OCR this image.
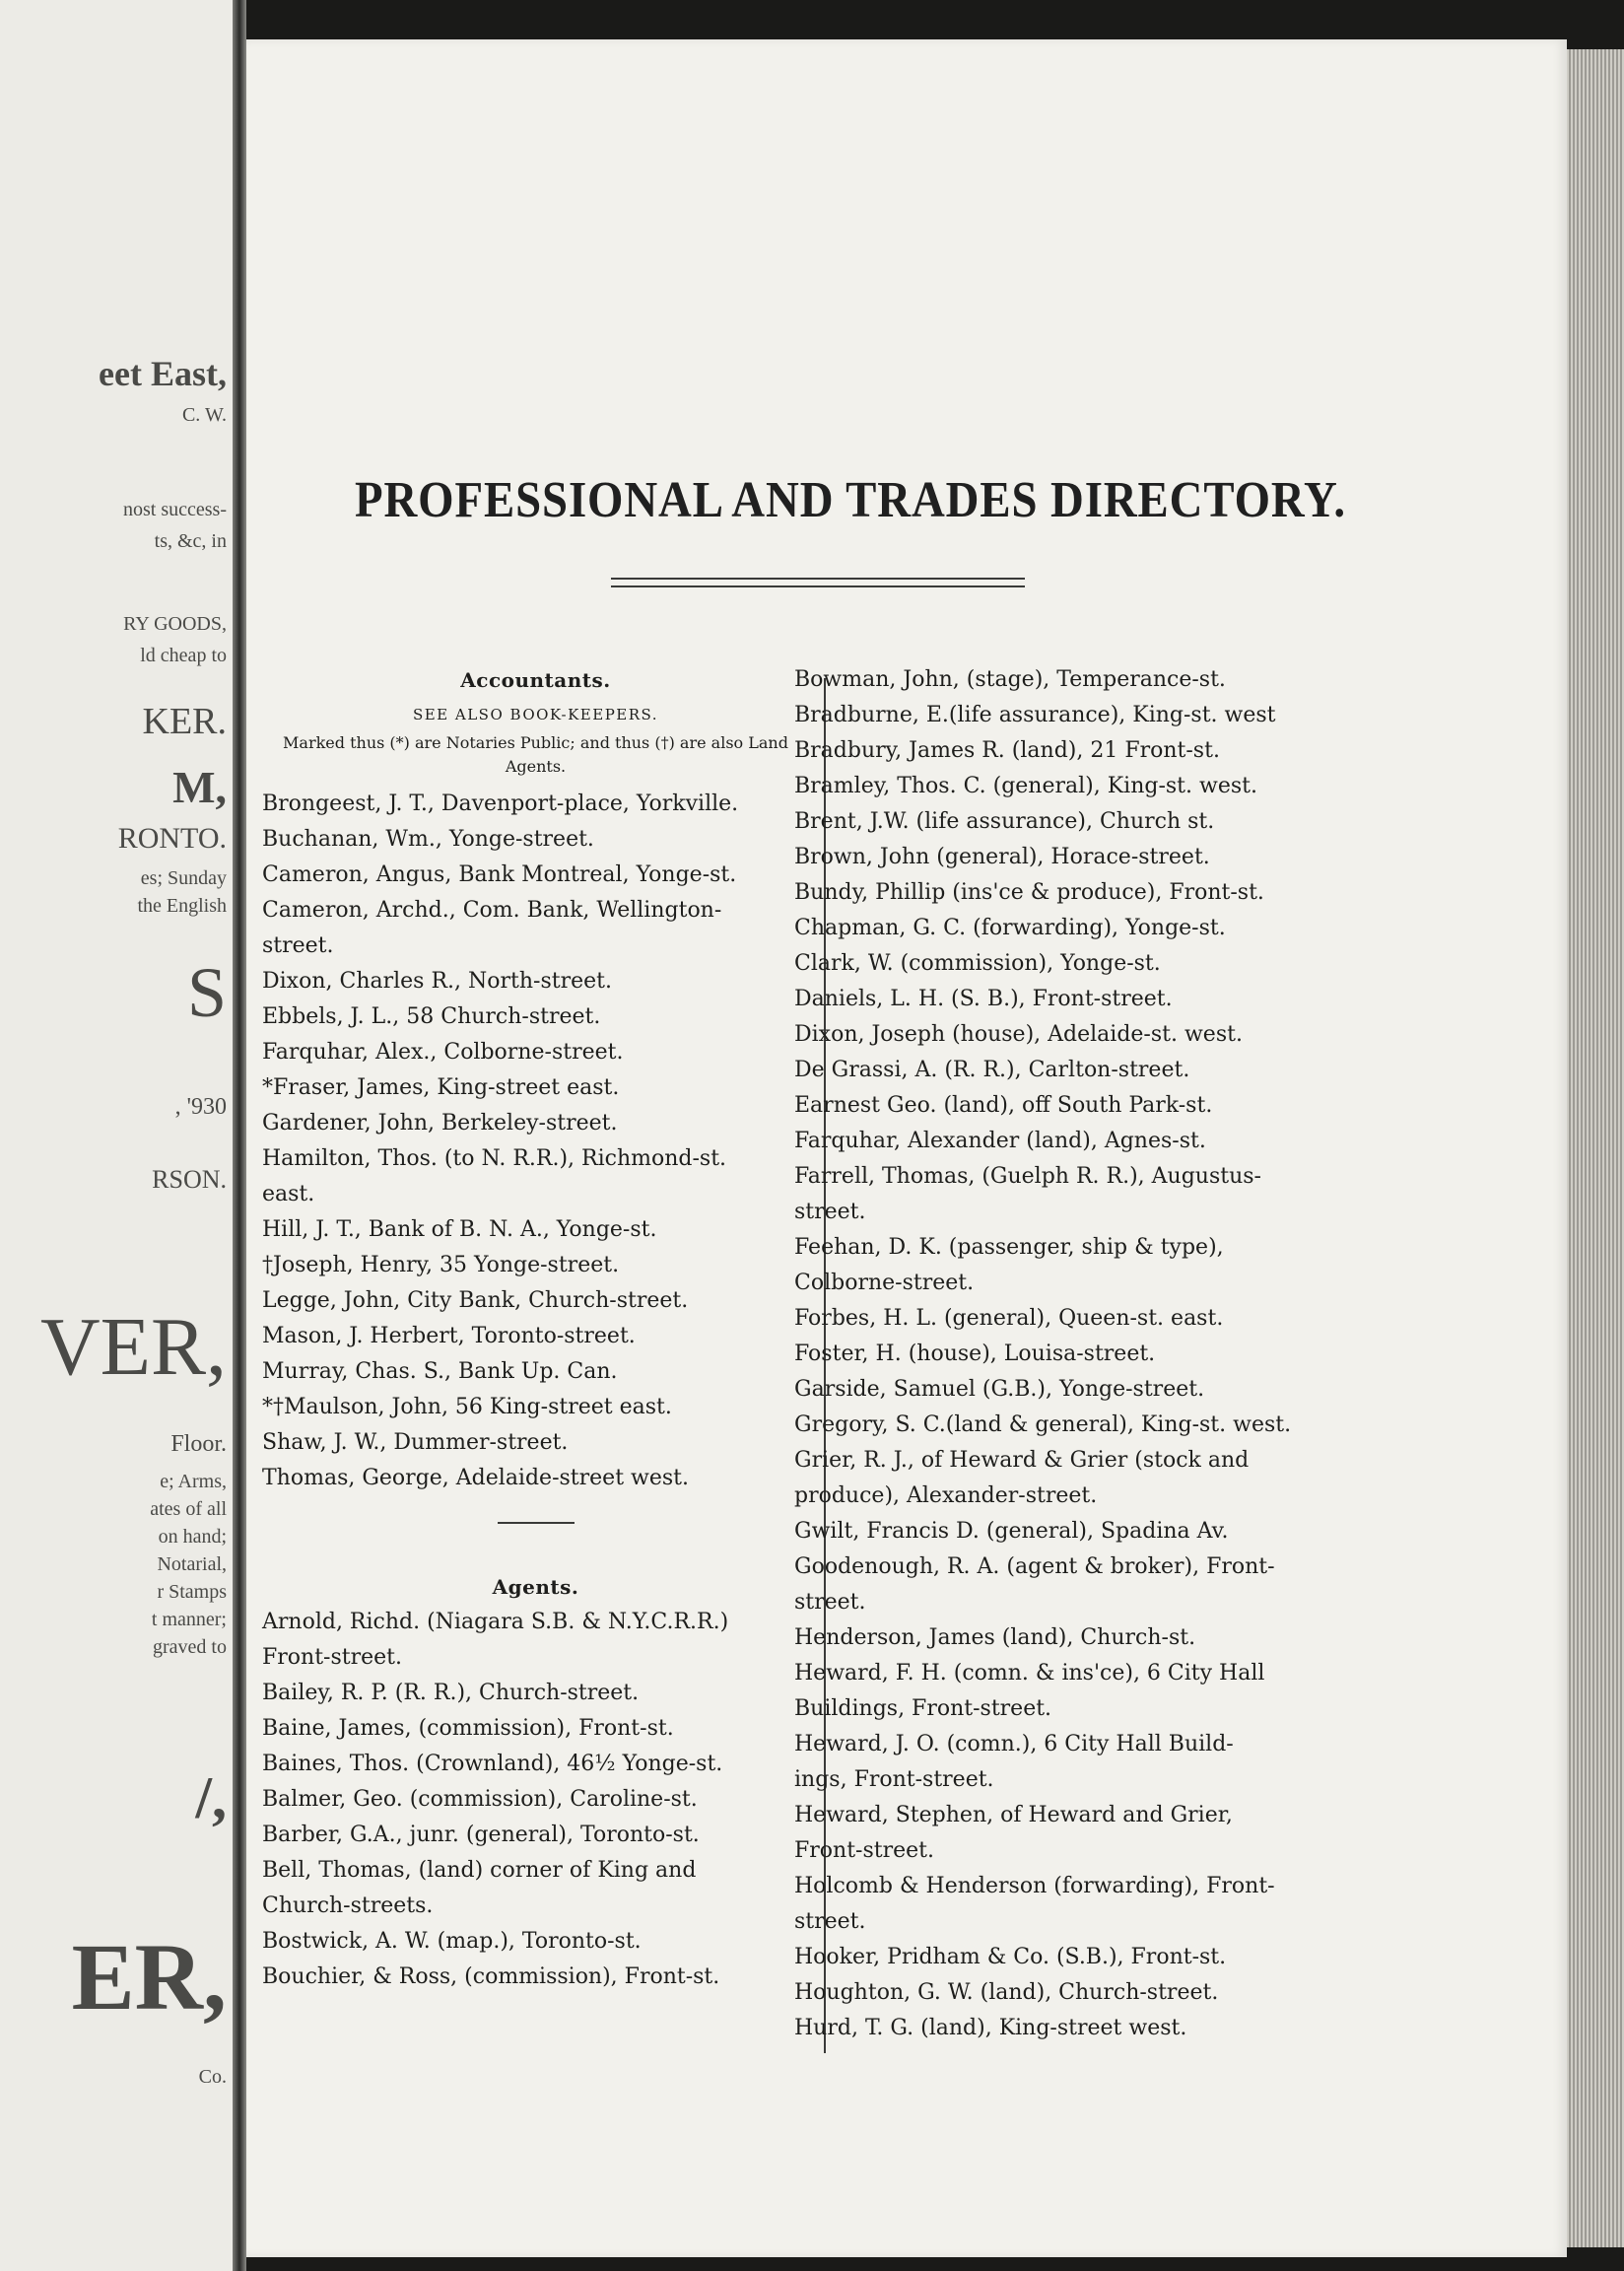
eet East,
C. W.
nost success-
ts, &c, in
RY GOODS,
ld cheap to
KER.
M,
RONTO.
es; Sunday
the English
S
, '930
RSON.
VER,
Floor.
e; Arms,
ates of all
on hand;
Notarial,
r Stamps
t manner;
graved to
/,
ER,
Co.
PROFESSIONAL AND TRADES DIRECTORY.
Accountants.
SEE ALSO BOOK-KEEPERS.
Marked thus (*) are Notaries Public; and thus (†) are also Land Agents.
Brongeest, J. T., Davenport-place, Yorkville.
Buchanan, Wm., Yonge-street.
Cameron, Angus, Bank Montreal, Yonge-st.
Cameron, Archd., Com. Bank, Wellington-
street.
Dixon, Charles R., North-street.
Ebbels, J. L., 58 Church-street.
Farquhar, Alex., Colborne-street.
*Fraser, James, King-street east.
Gardener, John, Berkeley-street.
Hamilton, Thos. (to N. R.R.), Richmond-st.
east.
Hill, J. T., Bank of B. N. A., Yonge-st.
†Joseph, Henry, 35 Yonge-street.
Legge, John, City Bank, Church-street.
Mason, J. Herbert, Toronto-street.
Murray, Chas. S., Bank Up. Can.
*†Maulson, John, 56 King-street east.
Shaw, J. W., Dummer-street.
Thomas, George, Adelaide-street west.
Agents.
Arnold, Richd. (Niagara S.B. & N.Y.C.R.R.)
Front-street.
Bailey, R. P. (R. R.), Church-street.
Baine, James, (commission), Front-st.
Baines, Thos. (Crownland), 46½ Yonge-st.
Balmer, Geo. (commission), Caroline-st.
Barber, G.A., junr. (general), Toronto-st.
Bell, Thomas, (land) corner of King and
Church-streets.
Bostwick, A. W. (map.), Toronto-st.
Bouchier, & Ross, (commission), Front-st.
Bowman, John, (stage), Temperance-st.
Bradburne, E.(life assurance), King-st. west
Bradbury, James R. (land), 21 Front-st.
Bramley, Thos. C. (general), King-st. west.
Brent, J.W. (life assurance), Church st.
Brown, John (general), Horace-street.
Bundy, Phillip (ins'ce & produce), Front-st.
Chapman, G. C. (forwarding), Yonge-st.
Clark, W. (commission), Yonge-st.
Daniels, L. H. (S. B.), Front-street.
Dixon, Joseph (house), Adelaide-st. west.
De Grassi, A. (R. R.), Carlton-street.
Earnest Geo. (land), off South Park-st.
Farquhar, Alexander (land), Agnes-st.
Farrell, Thomas, (Guelph R. R.), Augustus-
street.
Feehan, D. K. (passenger, ship & type),
Colborne-street.
Forbes, H. L. (general), Queen-st. east.
Foster, H. (house), Louisa-street.
Garside, Samuel (G.B.), Yonge-street.
Gregory, S. C.(land & general), King-st. west.
Grier, R. J., of Heward & Grier (stock and
produce), Alexander-street.
Gwilt, Francis D. (general), Spadina Av.
Goodenough, R. A. (agent & broker), Front-
street.
Henderson, James (land), Church-st.
Heward, F. H. (comn. & ins'ce), 6 City Hall
Buildings, Front-street.
Heward, J. O. (comn.), 6 City Hall Build-
ings, Front-street.
Heward, Stephen, of Heward and Grier,
Front-street.
Holcomb & Henderson (forwarding), Front-
street.
Hooker, Pridham & Co. (S.B.), Front-st.
Houghton, G. W. (land), Church-street.
Hurd, T. G. (land), King-street west.
